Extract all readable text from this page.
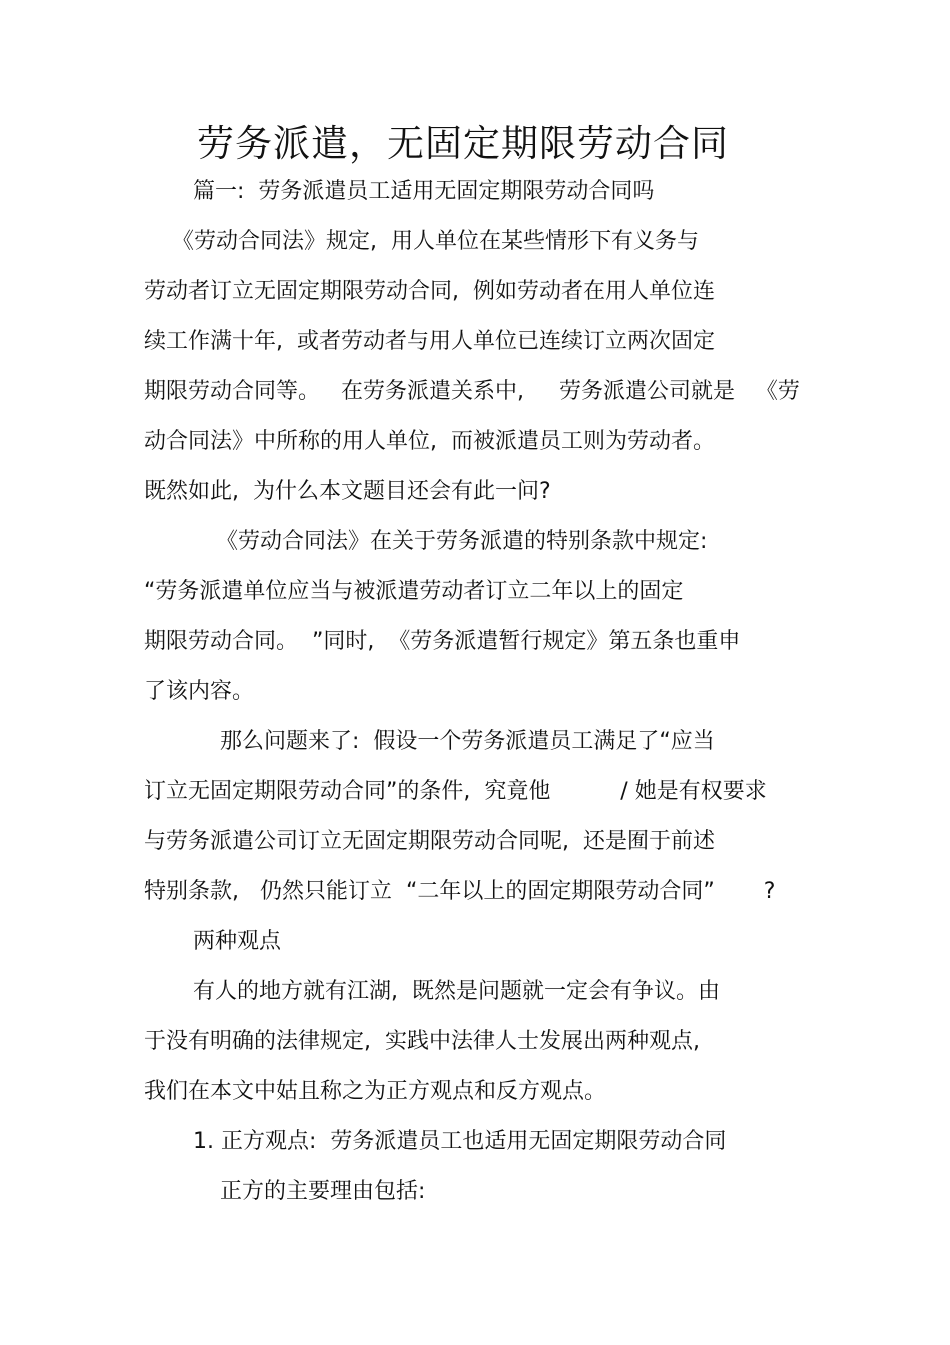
劳务派遣，无固定期限劳动合同
篇一:  劳务派遣员工适用无固定期限劳动合同吗
《劳动合同法》规定,  用人单位在某些情形下有义务与
劳动者订立无固定期限劳动合同,  例如劳动者在用人单位连
续工作满十年,  或者劳动者与用人单位已连续订立两次固定
期限劳动合同等。   在劳务派遣关系中,     劳务派遣公司就是   《劳
动合同法》中所称的用人单位,  而被派遣员工则为劳动者。
既然如此,  为什么本文题目还会有此一问?
《劳动合同法》在关于劳务派遣的特别条款中规定:
“劳务派遣单位应当与被派遣劳动者订立二年以上的固定
期限劳动合同。  ”同时,  《劳务派遣暂行规定》第五条也重申
了该内容。
那么问题来了:  假设一个劳务派遣员工满足了“应当
订立无固定期限劳动合同”的条件,  究竟他          / 她是有权要求
与劳务派遣公司订立无固定期限劳动合同呢,  还是囿于前述
特别条款,   仍然只能订立  “二年以上的固定期限劳动合同”       ?
两种观点
有人的地方就有江湖,  既然是问题就一定会有争议。由
于没有明确的法律规定,  实践中法律人士发展出两种观点,
我们在本文中姑且称之为正方观点和反方观点。
1. 正方观点:  劳务派遣员工也适用无固定期限劳动合同
正方的主要理由包括:
